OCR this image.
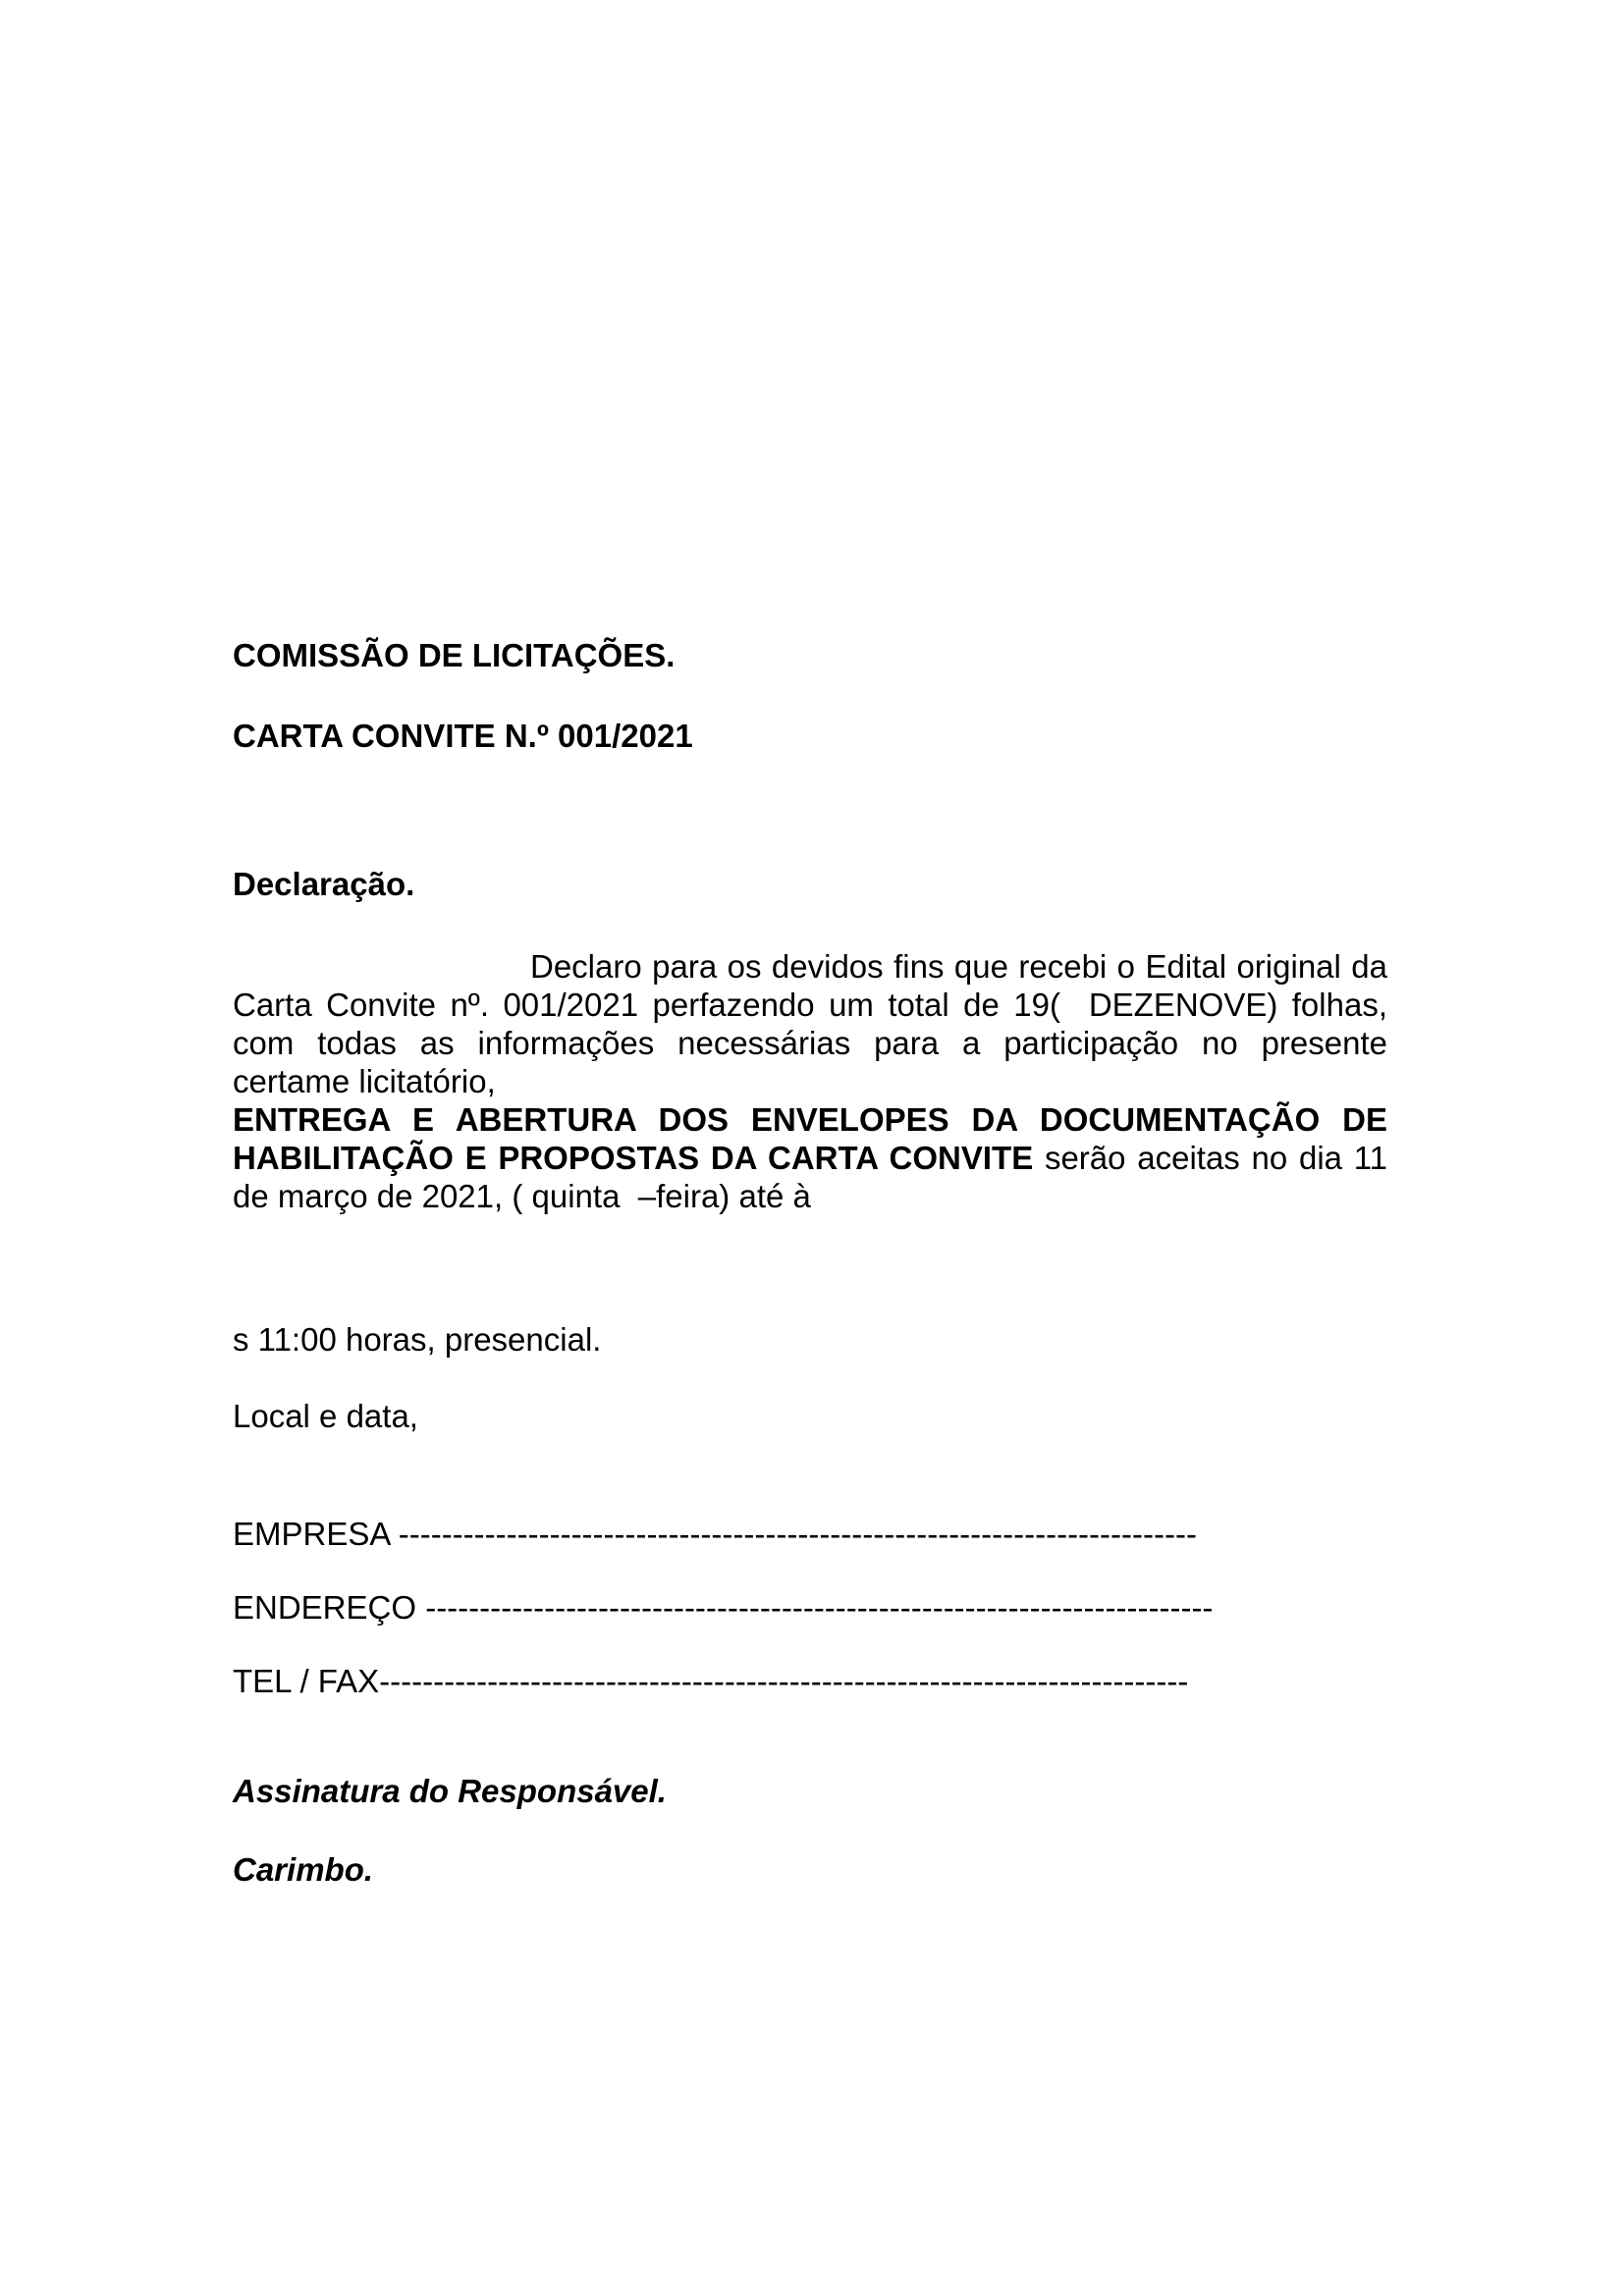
COMISSÃO DE LICITAÇÕES.
CARTA CONVITE N.º 001/2021
Declaração.
Declaro para os devidos fins que recebi o Edital original da
Carta Convite nº. 001/2021 perfazendo um total de 19(  DEZENOVE) folhas,
com todas as informações necessárias para a participação no presente
certame licitatório,
ENTREGA E ABERTURA DOS ENVELOPES DA DOCUMENTAÇÃO DE
HABILITAÇÃO E PROPOSTAS DA CARTA CONVITE serão aceitas no dia 11
de março de 2021, ( quinta  –feira) até à
s 11:00 horas, presencial.
Local e data,
EMPRESA --------------------------------------------------------------------------
ENDEREÇO -------------------------------------------------------------------------
TEL / FAX---------------------------------------------------------------------------
Assinatura do Responsável.
Carimbo.
